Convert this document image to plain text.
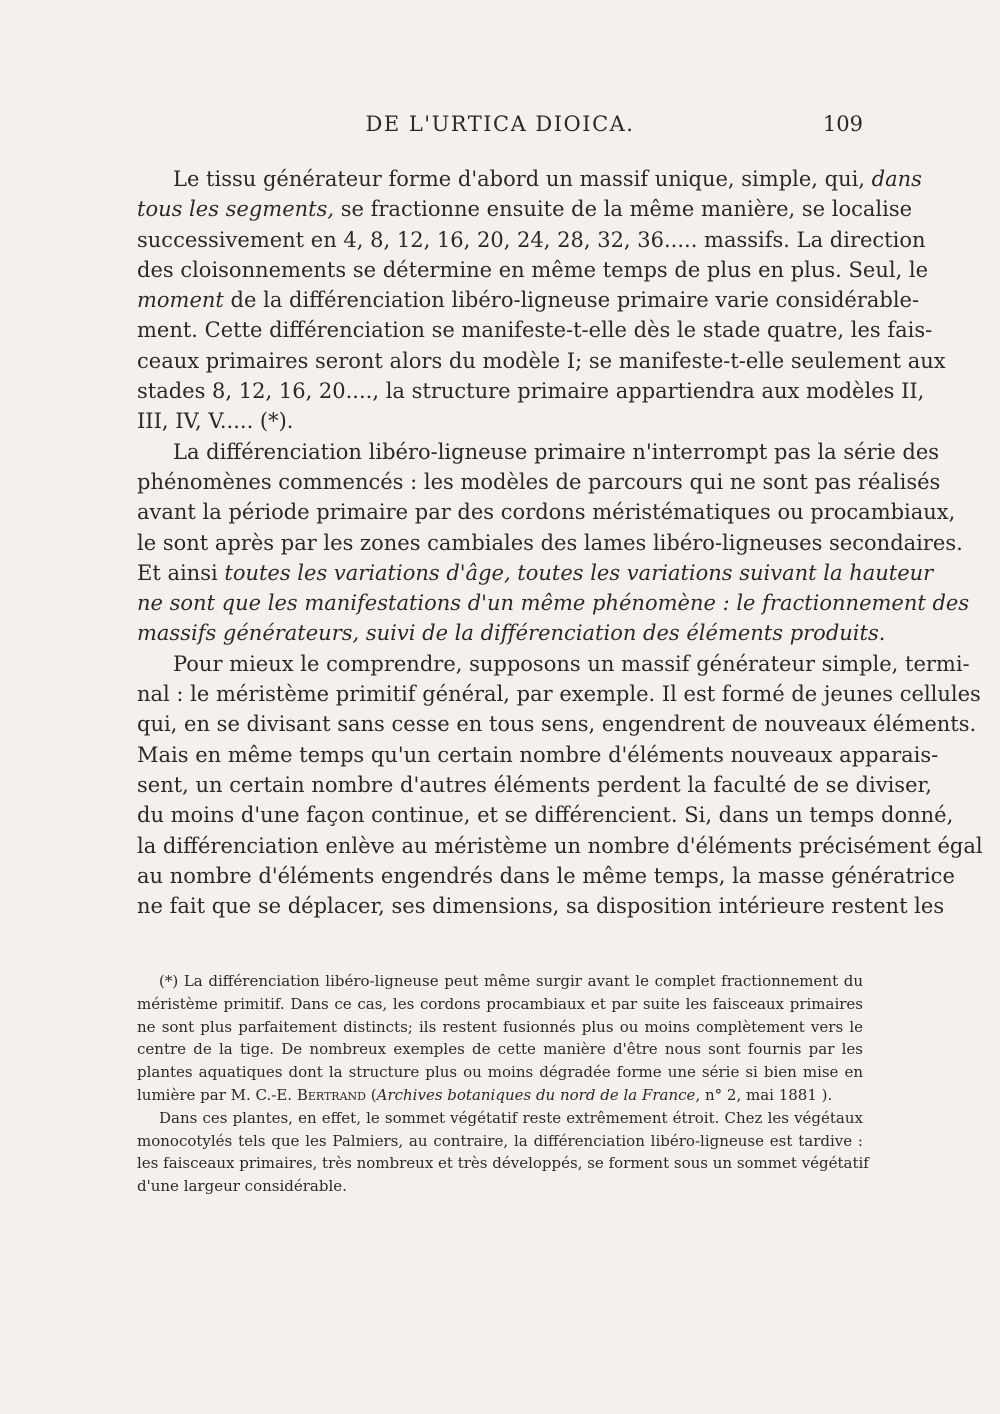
DE L'URTICA DIOICA.	109
Le tissu générateur forme d'abord un massif unique, simple, qui, dans
tous les segments, se fractionne ensuite de la même manière, se localise
successivement en 4, 8, 12, 16, 20, 24, 28, 32, 36..... massifs. La direction
des cloisonnements se détermine en même temps de plus en plus. Seul, le
moment de la différenciation libéro-ligneuse primaire varie considérable-
ment. Cette différenciation se manifeste-t-elle dès le stade quatre, les fais-
ceaux primaires seront alors du modèle I; se manifeste-t-elle seulement aux
stades 8, 12, 16, 20...., la structure primaire appartiendra aux modèles II,
III, IV, V..... (*).
La différenciation libéro-ligneuse primaire n'interrompt pas la série des
phénomènes commencés : les modèles de parcours qui ne sont pas réalisés
avant la période primaire par des cordons méristématiques ou procambiaux,
le sont après par les zones cambiales des lames libéro-ligneuses secondaires.
Et ainsi toutes les variations d'âge, toutes les variations suivant la hauteur
ne sont que les manifestations d'un même phénomène : le fractionnement des
massifs générateurs, suivi de la différenciation des éléments produits.
Pour mieux le comprendre, supposons un massif générateur simple, termi-
nal : le méristème primitif général, par exemple. Il est formé de jeunes cellules
qui, en se divisant sans cesse en tous sens, engendrent de nouveaux éléments.
Mais en même temps qu'un certain nombre d'éléments nouveaux apparais-
sent, un certain nombre d'autres éléments perdent la faculté de se diviser,
du moins d'une façon continue, et se différencient. Si, dans un temps donné,
la différenciation enlève au méristème un nombre d'éléments précisément égal
au nombre d'éléments engendrés dans le même temps, la masse génératrice
ne fait que se déplacer, ses dimensions, sa disposition intérieure restent les
(*) La différenciation libéro-ligneuse peut même surgir avant le complet fractionnement du
méristème primitif. Dans ce cas, les cordons procambiaux et par suite les faisceaux primaires
ne sont plus parfaitement distincts; ils restent fusionnés plus ou moins complètement vers le
centre de la tige. De nombreux exemples de cette manière d'être nous sont fournis par les
plantes aquatiques dont la structure plus ou moins dégradée forme une série si bien mise en
lumière par M. C.-E. Bertrand (Archives botaniques du nord de la France, n° 2, mai 1881 ).
Dans ces plantes, en effet, le sommet végétatif reste extrêmement étroit. Chez les végétaux
monocotylés tels que les Palmiers, au contraire, la différenciation libéro-ligneuse est tardive :
les faisceaux primaires, très nombreux et très développés, se forment sous un sommet végétatif
d'une largeur considérable.
